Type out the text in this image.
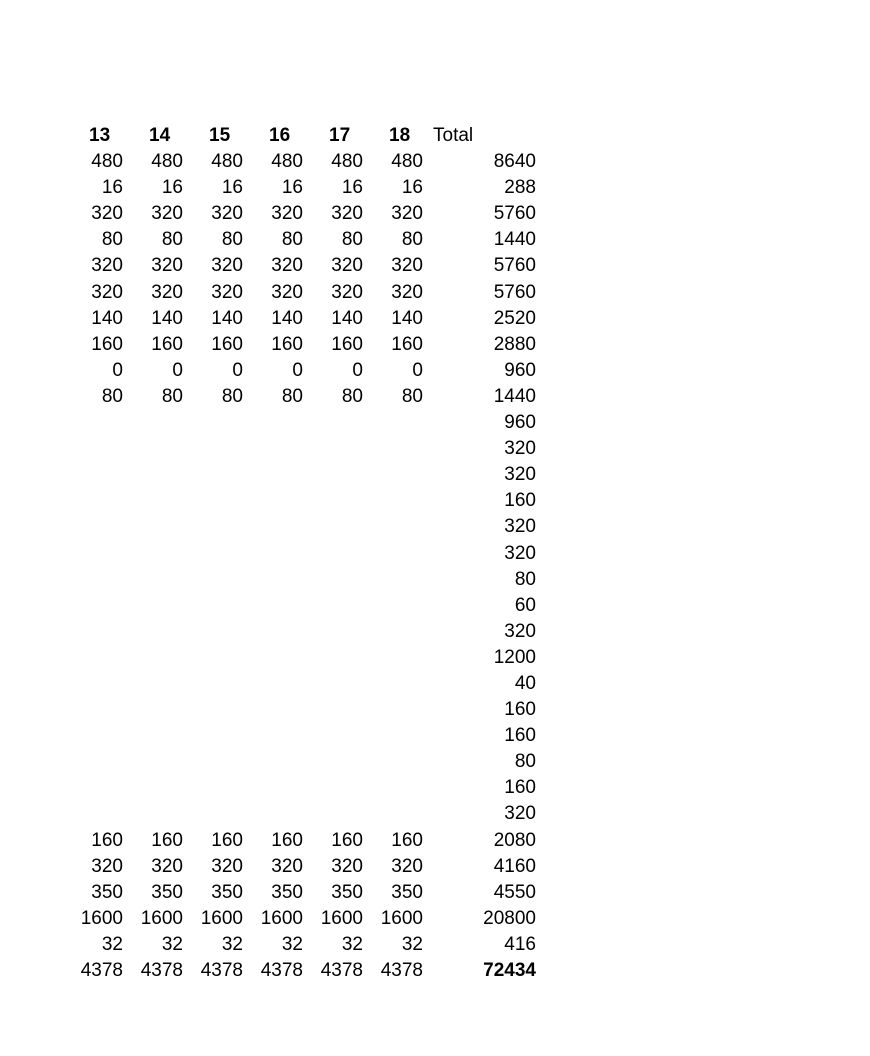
13	14	15	16	17	18	Total
480	480	480	480	480	480	8640
16	16	16	16	16	16	288
320	320	320	320	320	320	5760
80	80	80	80	80	80	1440
320	320	320	320	320	320	5760
320	320	320	320	320	320	5760
140	140	140	140	140	140	2520
160	160	160	160	160	160	2880
0	0	0	0	0	0	960
80	80	80	80	80	80	1440
						960
						320
						320
						160
						320
						320
						80
						60
						320
						1200
						40
						160
						160
						80
						160
						320
160	160	160	160	160	160	2080
320	320	320	320	320	320	4160
350	350	350	350	350	350	4550
1600	1600	1600	1600	1600	1600	20800
32	32	32	32	32	32	416
4378	4378	4378	4378	4378	4378	72434
